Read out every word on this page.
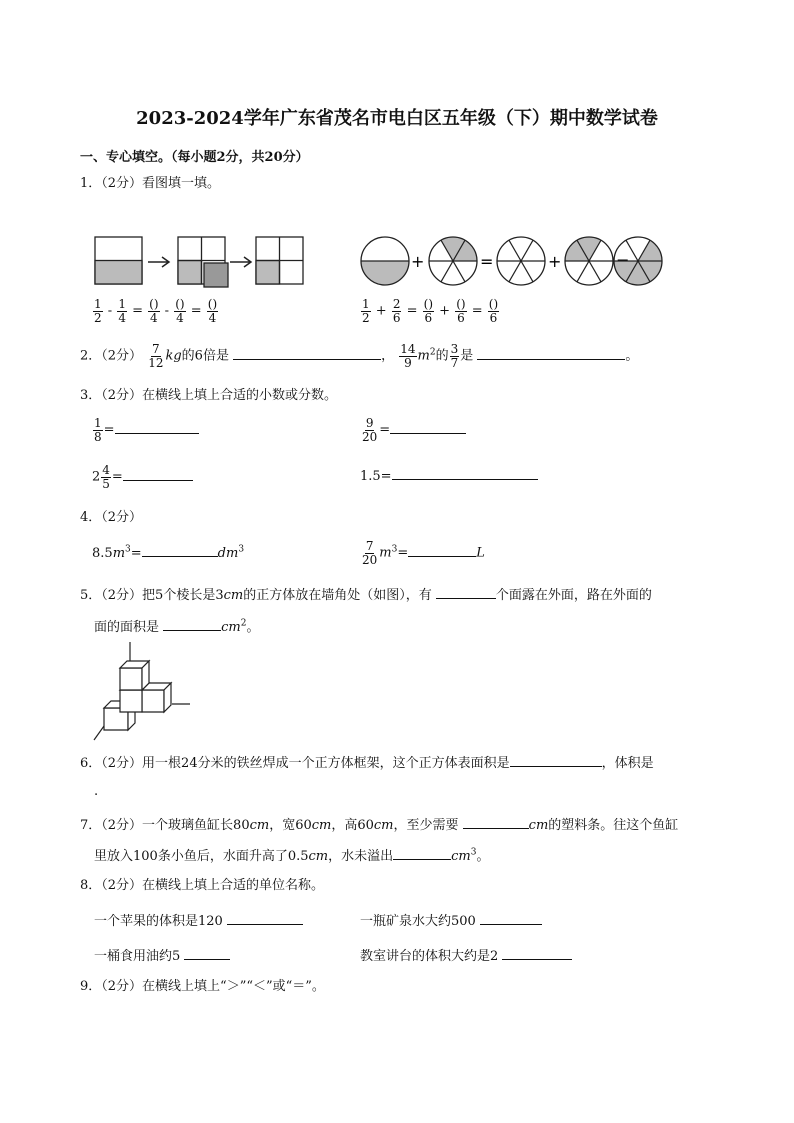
2023-2024学年广东省茂名市电白区五年级（下）期中数学试卷
一、专心填空。（每小题2分，共20分）
1．（2分）看图填一填。
+	=	+
$\frac{1}{2} - \frac{1}{4} = \frac{()}{4} - \frac{()}{4} = \frac{()}{4}$	$\frac{1}{2} + \frac{2}{6} = \frac{()}{6} + \frac{()}{6} = \frac{()}{6}$
2．（2分） $\frac{7}{12}$ kg的6倍是	， $\frac{14}{9} m^2$的 $\frac{3}{7}$ 是	。
3．（2分）在横线上填上合适的小数或分数。
$\frac{1}{8}$ =	$\frac{9}{20}$ =
$2 \frac{4}{5}$ =	1.5=
4．（2分）
$8.5m^3=$	$dm^3$	$\frac{7}{20} m^3=$	L
5．（2分）把5个棱长是3cm的正方体放在墙角处（如图），有	个面露在外面，路在外面的
面的面积是	$cm^2$。
6．（2分）用一根24分米的铁丝焊成一个正方体框架，这个正方体表面积是	，体积是
.
7．（2分）一个玻璃鱼缸长80cm，宽60cm，高60cm，至少需要	cm的塑料条。往这个鱼缸
里放入100条小鱼后，水面升高了0.5cm，水未溢出	$cm^3$。
8．（2分）在横线上填上合适的单位名称。
一个苹果的体积是120	一瓶矿泉水大约500
一桶食用油约5	教室讲台的体积大约是2
9．（2分）在横线上填上“＞”“＜”或“＝”。
